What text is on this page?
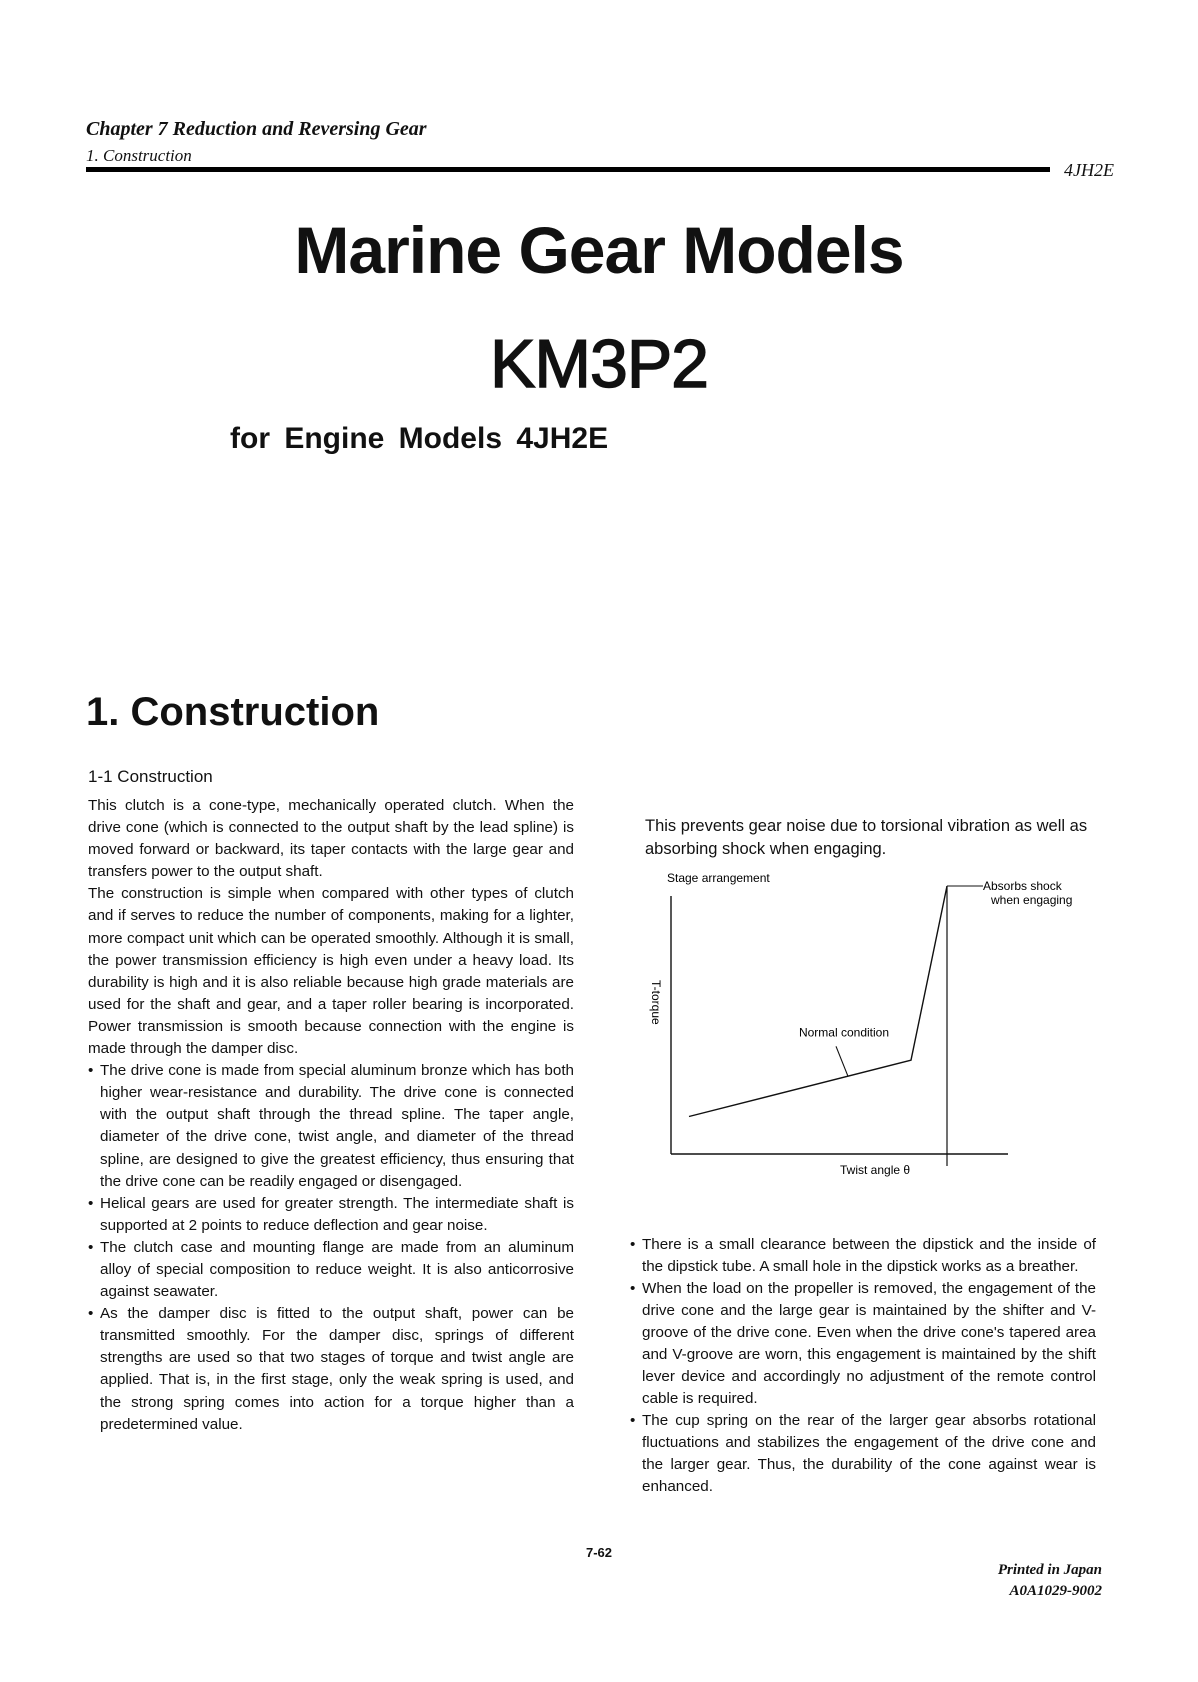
Chapter 7 Reduction and Reversing Gear
1. Construction
4JH2E
Marine Gear Models
KM3P2
for Engine Models 4JH2E
1. Construction
1-1 Construction

This clutch is a cone-type, mechanically operated clutch. When the drive cone (which is connected to the output shaft by the lead spline) is moved forward or backward, its taper contacts with the large gear and transfers power to the output shaft.

The construction is simple when compared with other types of clutch and if serves to reduce the number of components, making for a lighter, more compact unit which can be operated smoothly. Although it is small, the power transmission efficiency is high even under a heavy load. Its durability is high and it is also reliable because high grade materials are used for the shaft and gear, and a taper roller bearing is incorporated. Power transmission is smooth because connection with the engine is made through the damper disc.

• The drive cone is made from special aluminum bronze which has both higher wear-resistance and durability. The drive cone is connected with the output shaft through the thread spline. The taper angle, diameter of the drive cone, twist angle, and diameter of the thread spline, are designed to give the greatest efficiency, thus ensuring that the drive cone can be readily engaged or disengaged.
• Helical gears are used for greater strength. The intermediate shaft is supported at 2 points to reduce deflection and gear noise.
• The clutch case and mounting flange are made from an aluminum alloy of special composition to reduce weight. It is also anticorrosive against seawater.
• As the damper disc is fitted to the output shaft, power can be transmitted smoothly. For the damper disc, springs of different strengths are used so that two stages of torque and twist angle are applied. That is, in the first stage, only the weak spring is used, and the strong spring comes into action for a torque higher than a predetermined value.
This prevents gear noise due to torsional vibration as well as absorbing shock when engaging.
Stage arrangement
T-torque
Twist angle θ
Normal condition
Absorbs shock
when engaging
• There is a small clearance between the dipstick and the inside of the dipstick tube. A small hole in the dipstick works as a breather.
• When the load on the propeller is removed, the engagement of the drive cone and the large gear is maintained by the shifter and V-groove of the drive cone. Even when the drive cone's tapered area and V-groove are worn, this engagement is maintained by the shift lever device and accordingly no adjustment of the remote control cable is required.
• The cup spring on the rear of the larger gear absorbs rotational fluctuations and stabilizes the engagement of the drive cone and the larger gear. Thus, the durability of the cone against wear is enhanced.
7-62
Printed in Japan
A0A1029-9002
